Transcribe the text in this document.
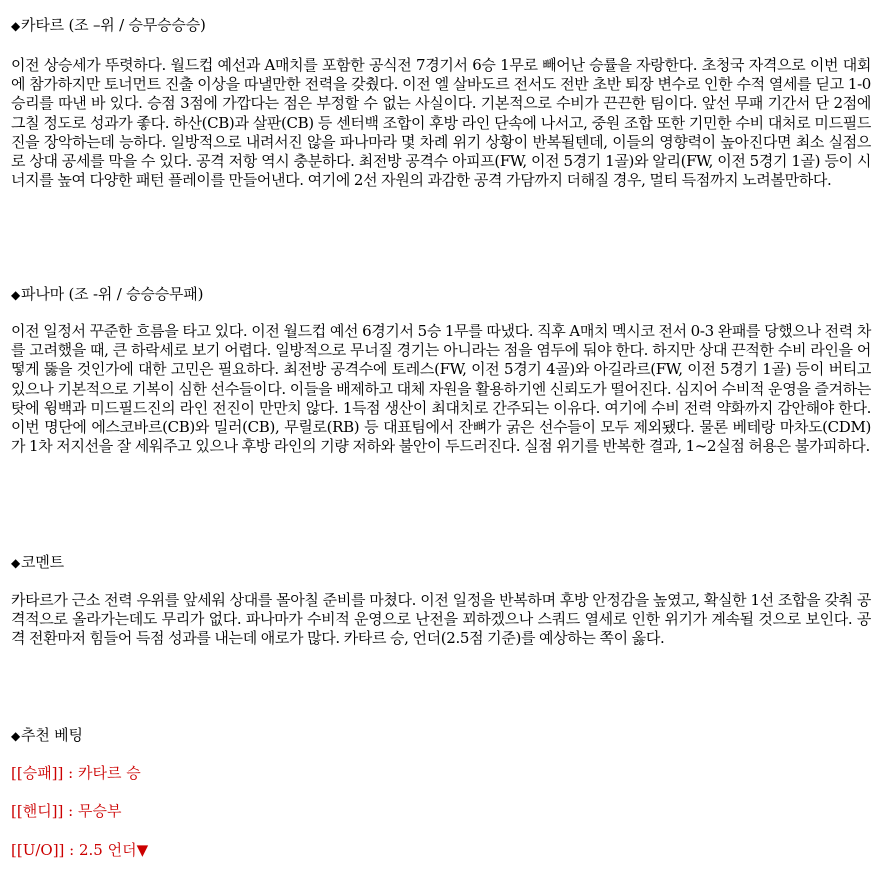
◆카타르 (조 –위 / 승무승승승)
이전 상승세가 뚜렷하다. 월드컵 예선과 A매치를 포함한 공식전 7경기서 6승 1무로 빼어난 승률을 자랑한다. 초청국 자격으로 이번 대회에 참가하지만 토너먼트 진출 이상을 따낼만한 전력을 갖췄다. 이전 엘 살바도르 전서도 전반 초반 퇴장 변수로 인한 수적 열세를 딛고 1-0 승리를 따낸 바 있다. 승점 3점에 가깝다는 점은 부정할 수 없는 사실이다. 기본적으로 수비가 끈끈한 팀이다. 앞선 무패 기간서 단 2점에 그칠 정도로 성과가 좋다. 하산(CB)과 살판(CB) 등 센터백 조합이 후방 라인 단속에 나서고, 중원 조합 또한 기민한 수비 대처로 미드필드진을 장악하는데 능하다. 일방적으로 내려서진 않을 파나마라 몇 차례 위기 상황이 반복될텐데, 이들의 영향력이 높아진다면 최소 실점으로 상대 공세를 막을 수 있다. 공격 저항 역시 충분하다. 최전방 공격수 아피프(FW, 이전 5경기 1골)와 알리(FW, 이전 5경기 1골) 등이 시너지를 높여 다양한 패턴 플레이를 만들어낸다. 여기에 2선 자원의 과감한 공격 가담까지 더해질 경우, 멀티 득점까지 노려볼만하다.
◆파나마 (조 -위 / 승승승무패)
이전 일정서 꾸준한 흐름을 타고 있다. 이전 월드컵 예선 6경기서 5승 1무를 따냈다. 직후 A매치 멕시코 전서 0-3 완패를 당했으나 전력 차를 고려했을 때, 큰 하락세로 보기 어렵다. 일방적으로 무너질 경기는 아니라는 점을 염두에 둬야 한다. 하지만 상대 끈적한 수비 라인을 어떻게 뚫을 것인가에 대한 고민은 필요하다. 최전방 공격수에 토레스(FW, 이전 5경기 4골)와 아길라르(FW, 이전 5경기 1골) 등이 버티고 있으나 기본적으로 기복이 심한 선수들이다. 이들을 배제하고 대체 자원을 활용하기엔 신뢰도가 떨어진다. 심지어 수비적 운영을 즐겨하는 탓에 윙백과 미드필드진의 라인 전진이 만만치 않다. 1득점 생산이 최대치로 간주되는 이유다. 여기에 수비 전력 약화까지 감안해야 한다. 이번 명단에 에스코바르(CB)와 밀러(CB), 무릴로(RB) 등 대표팀에서 잔뼈가 굵은 선수들이 모두 제외됐다. 물론 베테랑 마차도(CDM)가 1차 저지선을 잘 세워주고 있으나 후방 라인의 기량 저하와 불안이 두드러진다. 실점 위기를 반복한 결과, 1~2실점 허용은 불가피하다.
◆코멘트
카타르가 근소 전력 우위를 앞세워 상대를 몰아칠 준비를 마쳤다. 이전 일정을 반복하며 후방 안정감을 높였고, 확실한 1선 조합을 갖춰 공격적으로 올라가는데도 무리가 없다. 파나마가 수비적 운영으로 난전을 꾀하겠으나 스쿼드 열세로 인한 위기가 계속될 것으로 보인다. 공격 전환마저 힘들어 득점 성과를 내는데 애로가 많다. 카타르 승, 언더(2.5점 기준)를 예상하는 쪽이 옳다.
◆추천 베팅
[[승패]] : 카타르 승
[[핸디]] : 무승부
[[U/O]] : 2.5 언더▼
